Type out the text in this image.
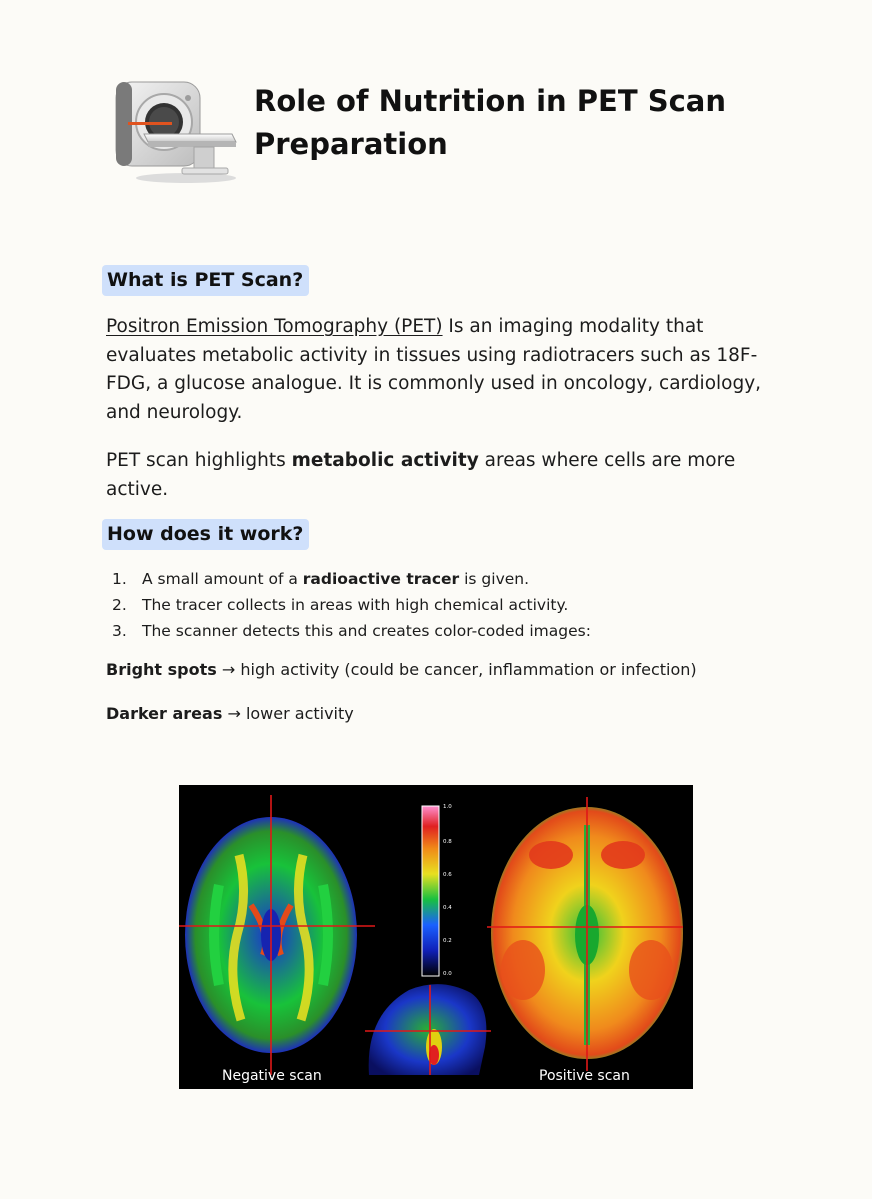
Role of Nutrition in PET Scan Preparation
What is PET Scan?

Positron Emission Tomography (PET) Is an imaging modality that evaluates metabolic activity in tissues using radiotracers such as 18F-FDG, a glucose analogue. It is commonly used in oncology, cardiology, and neurology.

PET scan highlights metabolic activity areas where cells are more active.

How does it work?
1. A small amount of a radioactive tracer is given.
2. The tracer collects in areas with high chemical activity.
3. The scanner detects this and creates color-coded images:

Bright spots → high activity (could be cancer, inflammation or infection)

Darker areas → lower activity

1.0
0.8
0.6
0.4
0.2
0.0
Negative scan	Positive scan
